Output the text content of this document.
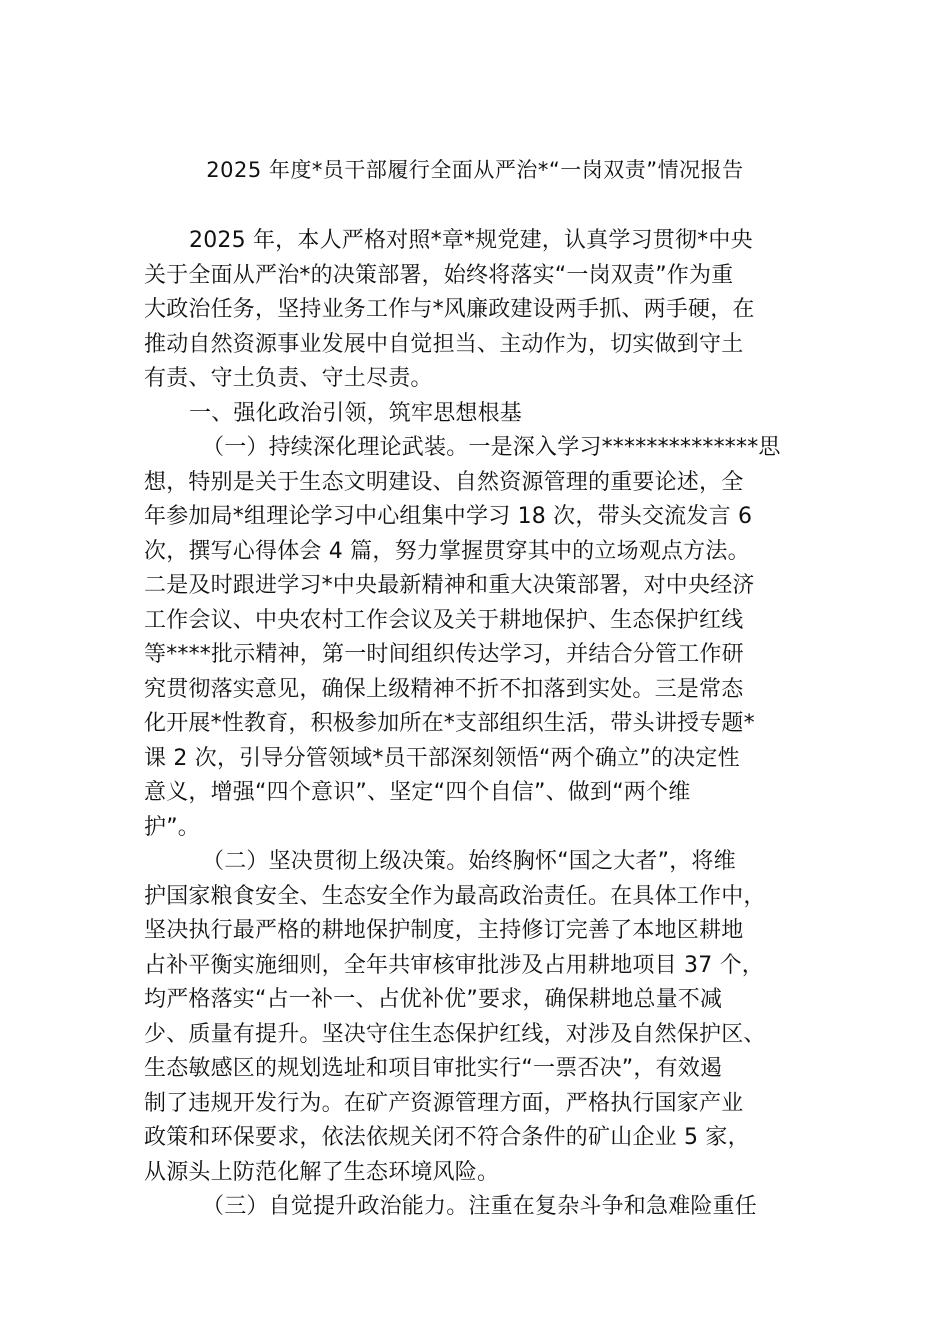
2025 年度*员干部履行全面从严治*“一岗双责”情况报告
2025 年，本人严格对照*章*规党建，认真学习贯彻*中央
关于全面从严治*的决策部署，始终将落实“一岗双责”作为重
大政治任务，坚持业务工作与*风廉政建设两手抓、两手硬，在
推动自然资源事业发展中自觉担当、主动作为，切实做到守土
有责、守土负责、守土尽责。
一、强化政治引领，筑牢思想根基
（一）持续深化理论武装。一是深入学习**************思
想，特别是关于生态文明建设、自然资源管理的重要论述，全
年参加局*组理论学习中心组集中学习 18 次，带头交流发言 6
次，撰写心得体会 4 篇，努力掌握贯穿其中的立场观点方法。
二是及时跟进学习*中央最新精神和重大决策部署，对中央经济
工作会议、中央农村工作会议及关于耕地保护、生态保护红线
等****批示精神，第一时间组织传达学习，并结合分管工作研
究贯彻落实意见，确保上级精神不折不扣落到实处。三是常态
化开展*性教育，积极参加所在*支部组织生活，带头讲授专题*
课 2 次，引导分管领域*员干部深刻领悟“两个确立”的决定性
意义，增强“四个意识”、坚定“四个自信”、做到“两个维
护”。
（二）坚决贯彻上级决策。始终胸怀“国之大者”，将维
护国家粮食安全、生态安全作为最高政治责任。在具体工作中，
坚决执行最严格的耕地保护制度，主持修订完善了本地区耕地
占补平衡实施细则，全年共审核审批涉及占用耕地项目 37 个，
均严格落实“占一补一、占优补优”要求，确保耕地总量不减
少、质量有提升。坚决守住生态保护红线，对涉及自然保护区、
生态敏感区的规划选址和项目审批实行“一票否决”，有效遏
制了违规开发行为。在矿产资源管理方面，严格执行国家产业
政策和环保要求，依法依规关闭不符合条件的矿山企业 5 家，
从源头上防范化解了生态环境风险。
（三）自觉提升政治能力。注重在复杂斗争和急难险重任
